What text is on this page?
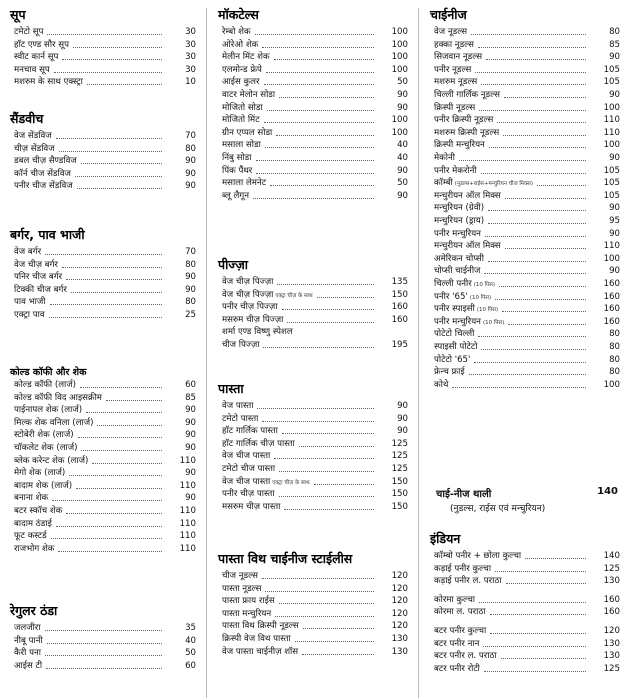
सूप
टमेटो सूप	30
हॉट एण्ड सौर सूप	30
स्वीट कार्न सूप	30
मनचाव सूप	30
मशरुम के साथ एक्स्ट्रा	10
सैंडवीच
वेज सेंडविज	70
चीज़ सेंडविज	80
डबल चीज़ सैण्डविज	90
कॉर्न चीज सेंडविज	90
पनीर चीज सेंडविज	90
बर्गर, पाव भाजी
वेज बर्गर	70
वेज चीज़ बर्गर	80
पनिर चीज बर्गर	90
टिक्की चीज बर्गर	90
पाव भाजी	80
एक्ट्रा पाव	25
कोल्ड कॉफी और शेक
कोल्ड कॉफी (लार्ज)	60
कोल्ड कॉफी विद आइसक्रीम	85
पाईनापल शेक (लार्ज)	90
मिल्क शेक वनिला (लार्ज)	90
स्टोबेरी शेक (लार्ज)	90
चॉकलेट शेक (लार्ज)	90
ब्लेक करेन्ट शेक (लार्ज)	110
मेगो शेक (लार्ज)	90
बादाम शेक (लार्ज)	110
बनाना शेक	90
बटर स्कॉच शेक	110
बादाम ठंडाई	110
फूट कस्टर्ड	110
राजभोग शेक	110
रेगुलर ठंडा
जलजीरा	35
नीबू पानी	40
कैरी पना	50
आईस टी	60
मॉकटेल्स
रेम्बो शेक	100
ओरेओ शेक	100
मेलीन मिंट शेक	100
एलमोन्ड फ्रेपे	100
आईस कुलर	50
वाटर मेलोन सोडा	90
मोजितो सोडा	90
मोजितो मिंट	100
ग्रीन एप्पल सोडा	100
मसाला सोडा	40
निंबु सोडा	40
पिंक पैंथर	90
मसाला लेमनेट	50
ब्लू लैगून	90
पीज्ज़ा
वेज चीज़ पिज्ज़ा	135
वेज चीज़ पिज्ज़ा एक्ट्रा चीज़ के साथ	150
पनीर चीज़ पिज्ज़ा	160
मसरुम चीज़ पिज्ज़ा	160
शर्मा एण्ड विष्णु स्पेशल
चीज पिज्ज़ा	195
पास्ता
वेज पास्ता	90
टमेटो पास्ता	90
हॉट गार्लिक पास्ता	90
हॉट गार्लिक चीज़ पास्ता	125
वेज चीज पास्ता	125
टमेटो चीज पास्ता	125
वेज चीज पास्ता एक्ट्रा चीज़ के साथ	150
पनीर चीज़ पास्ता	150
मसरुम चीज़ पास्ता	150
पास्ता विथ चाईनीज स्टाईलीस
चीज नूडल्स	120
पास्ता नूडल्स	120
पास्ता फ्राय राईस	120
पास्ता मन्चुरियन	120
पास्ता विथ क्रिस्पी नूडल्स	120
क्रिस्पी वेज विथ पास्ता	130
वेज पास्ता चाईनीज़ शॉस	130
चाईनीज
वेज नूडल्स	80
हक्का नूडल्स	85
सिजवान नूडल्स	90
पनीर नूडल्स	105
मशरुम नूडल्स	105
चिल्ली गार्लिक नूडल्स	90
क्रिस्पी नूडल्स	100
पनीर क्रिस्पी नूडल्स	110
मशरुम क्रिस्पी नूडल्स	110
क्रिस्पी मन्चुरियन	100
मेकोनी	90
पनीर मेकरोनी	105
कॉम्बी (नूडल्स+राईस+मन्चुरियन चीज मिक्स)	105
मन्चुरीयन ऑल मिक्स	105
मन्चुरियन (ग्रेवी)	90
मन्चुरियन (ड्राय)	95
पनीर मन्चुरियन	90
मन्चुरीयन ऑल मिक्स	110
अमेरिकन चोप्सी	100
चोप्सी चाईनीज	90
चिल्ली पनीर (10 पिस)	160
पनीर '65' (10 पिस)	160
पनीर स्पाइसी (10 पिस)	160
पनीर मन्चुरियन (10 पिस)	160
पोटेटो चिल्ली	80
स्पाइसी पोटेटो	80
पोटेटो '65'	80
फ्रेन्च फ्राई	80
कोथे	100
चाई-नीज थाली	140
(नुडल्स, राईस एवं मन्चुरियन)
इंडियन
कॉम्बो पनीर + छोला कुल्चा	140
कड़ाई पनीर कुल्चा	125
कड़ाई पनीर ल. पराठा	130
कोरमा कुल्चा	160
कोरमा ल. पराठा	160
बटर पनीर कुल्चा	120
बटर पनीर नान	130
बटर पनीर ल. पराठा	130
बटर पनीर रोटी	125
